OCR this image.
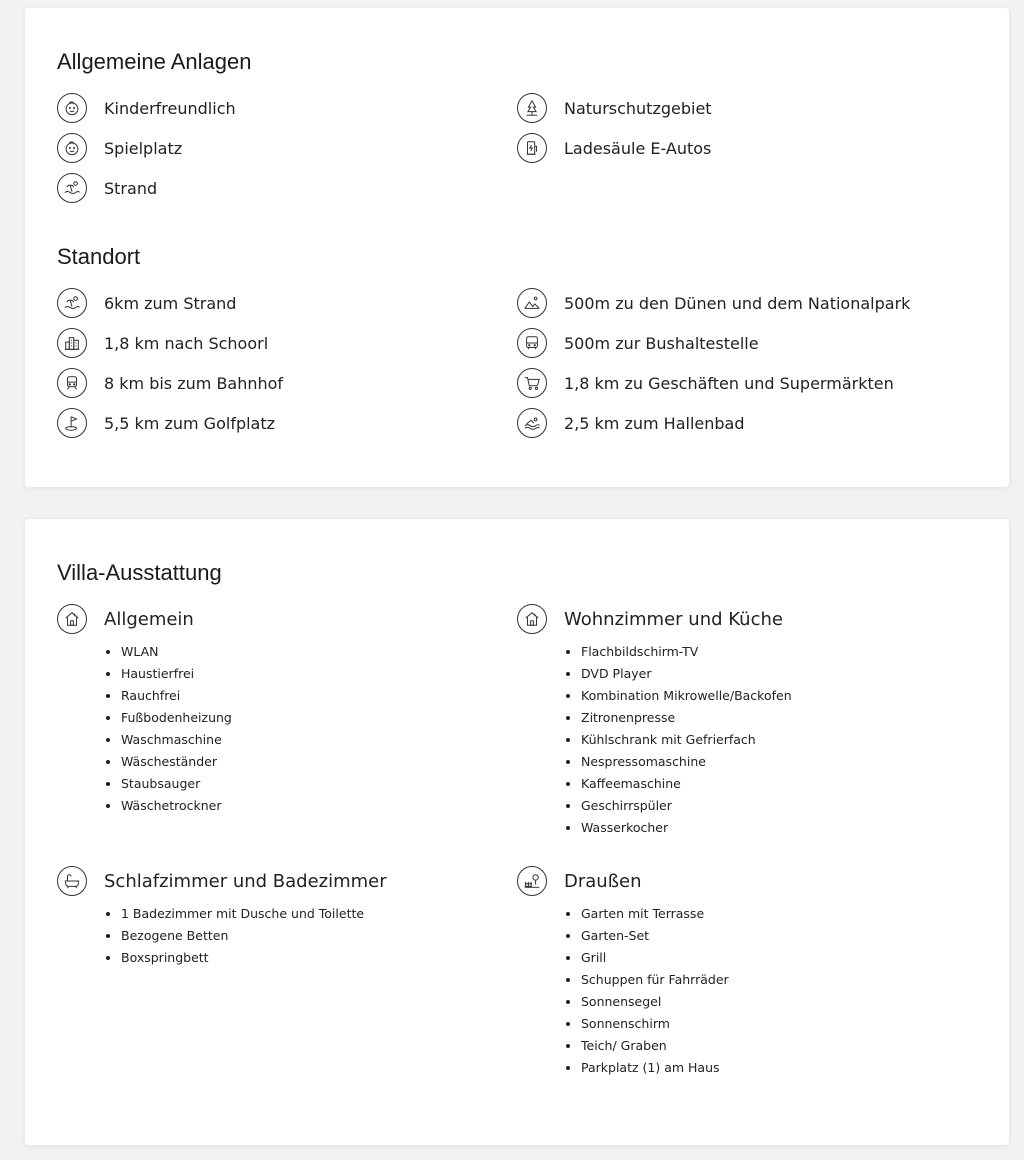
Allgemeine Anlagen
Kinderfreundlich
Spielplatz
Strand
Naturschutzgebiet
Ladesäule E-Autos
Standort
6km zum Strand
1,8 km nach Schoorl
8 km bis zum Bahnhof
5,5 km zum Golfplatz
500m zu den Dünen und dem Nationalpark
500m zur Bushaltestelle
1,8 km zu Geschäften und Supermärkten
2,5 km zum Hallenbad
Villa-Ausstattung
Allgemein
• WLAN
• Haustierfrei
• Rauchfrei
• Fußbodenheizung
• Waschmaschine
• Wäscheständer
• Staubsauger
• Wäschetrockner
Wohnzimmer und Küche
• Flachbildschirm-TV
• DVD Player
• Kombination Mikrowelle/Backofen
• Zitronenpresse
• Kühlschrank mit Gefrierfach
• Nespressomaschine
• Kaffeemaschine
• Geschirrspüler
• Wasserkocher
Schlafzimmer und Badezimmer
• 1 Badezimmer mit Dusche und Toilette
• Bezogene Betten
• Boxspringbett
Draußen
• Garten mit Terrasse
• Garten-Set
• Grill
• Schuppen für Fahrräder
• Sonnensegel
• Sonnenschirm
• Teich/ Graben
• Parkplatz (1) am Haus
